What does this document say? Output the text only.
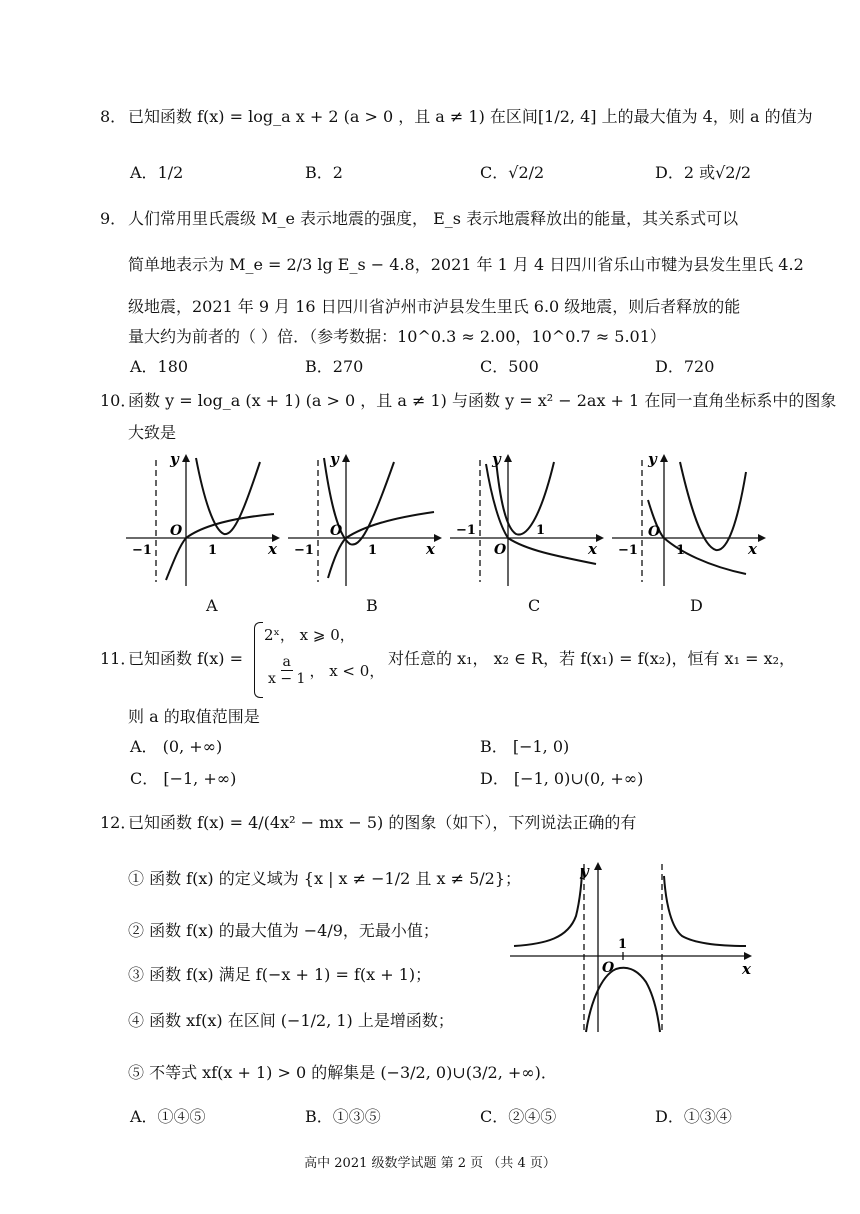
8． 已知函数 f(x) = log_a x + 2 (a > 0 ，且 a ≠ 1) 在区间[1/2, 4] 上的最大值为 4，则 a 的值为
A．1/2	B．2	C．√2/2	D．2 或√2/2
9． 人们常用里氏震级 M_e 表示地震的强度， E_s 表示地震释放出的能量，其关系式可以
简单地表示为 M_e = 2/3 lg E_s − 4.8，2021 年 1 月 4 日四川省乐山市犍为县发生里氏 4.2
级地震，2021 年 9 月 16 日四川省泸州市泸县发生里氏 6.0 级地震，则后者释放的能
量大约为前者的（ ）倍．（参考数据：10^0.3 ≈ 2.00，10^0.7 ≈ 5.01）
A．180	B．270	C．500	D．720
10．函数 y = log_a (x + 1) (a > 0 ，且 a ≠ 1) 与函数 y = x² − 2ax + 1 在同一直角坐标系中的图象
大致是
y
O
−1	1	x
A
y
O
−1	1	x
B
y
O
−1	1
x
C
y
O
−1	1	x
D
11．已知函数 f(x) =
2ˣ， x ⩾ 0，
$\frac{a}{x - 1}$ ， x < 0，
对任意的 x₁， x₂ ∈ R，若 f(x₁) = f(x₂)，恒有 x₁ = x₂，
则 a 的取值范围是
A． (0, +∞)	B． [−1, 0)
C． [−1, +∞)	D． [−1, 0)∪(0, +∞)
12．已知函数 f(x) = 4/(4x² − mx − 5) 的图象（如下），下列说法正确的有
① 函数 f(x) 的定义域为 {x | x ≠ −1/2 且 x ≠ 5/2}；
② 函数 f(x) 的最大值为 −4/9，无最小值；
③ 函数 f(x) 满足 f(−x + 1) = f(x + 1)；
④ 函数 xf(x) 在区间 (−1/2, 1) 上是增函数；
⑤ 不等式 xf(x + 1) > 0 的解集是 (−3/2, 0)∪(3/2, +∞)．
y
1
O	x
A．①④⑤	B．①③⑤	C．②④⑤	D．①③④
高中 2021 级数学试题 第 2 页 （共 4 页）
